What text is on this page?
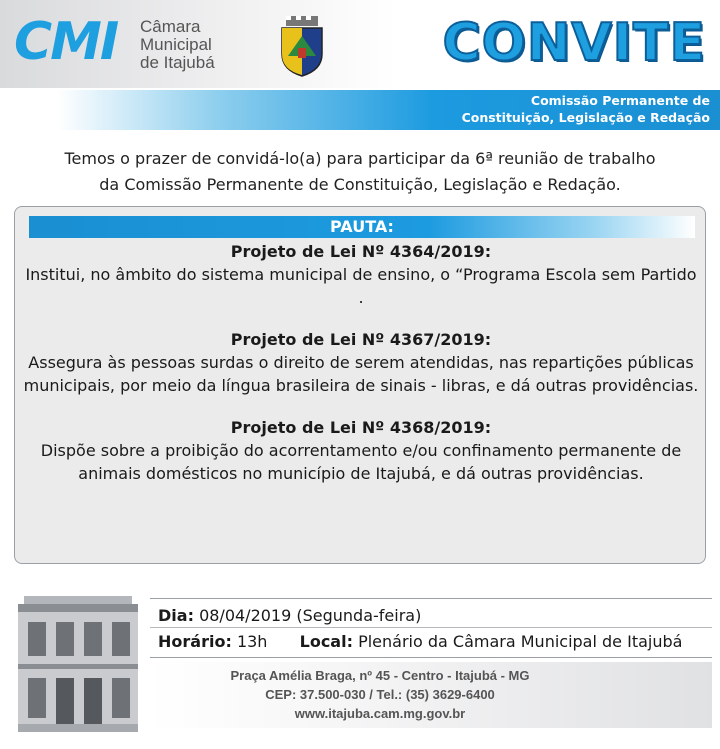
CMI Câmara
Municipal
de Itajubá	CONVITE
Comissão Permanente de
Constituição, Legislação e Redação
Temos o prazer de convidá-lo(a) para participar da 6ª reunião de trabalho
da Comissão Permanente de Constituição, Legislação e Redação.
PAUTA:
Projeto de Lei Nº 4364/2019:
Institui, no âmbito do sistema municipal de ensino, o “Programa Escola sem Partido .
Projeto de Lei Nº 4367/2019:
Assegura às pessoas surdas o direito de serem atendidas, nas repartições públicas municipais, por meio da língua brasileira de sinais - libras, e dá outras providências.
Projeto de Lei Nº 4368/2019:
Dispõe sobre a proibição do acorrentamento e/ou confinamento permanente de animais domésticos no município de Itajubá, e dá outras providências.
Dia: 08/04/2019 (Segunda-feira)
Horário: 13h Local: Plenário da Câmara Municipal de Itajubá
Praça Amélia Braga, nº 45 - Centro - Itajubá - MG
CEP: 37.500-030 / Tel.: (35) 3629-6400
www.itajuba.cam.mg.gov.br
